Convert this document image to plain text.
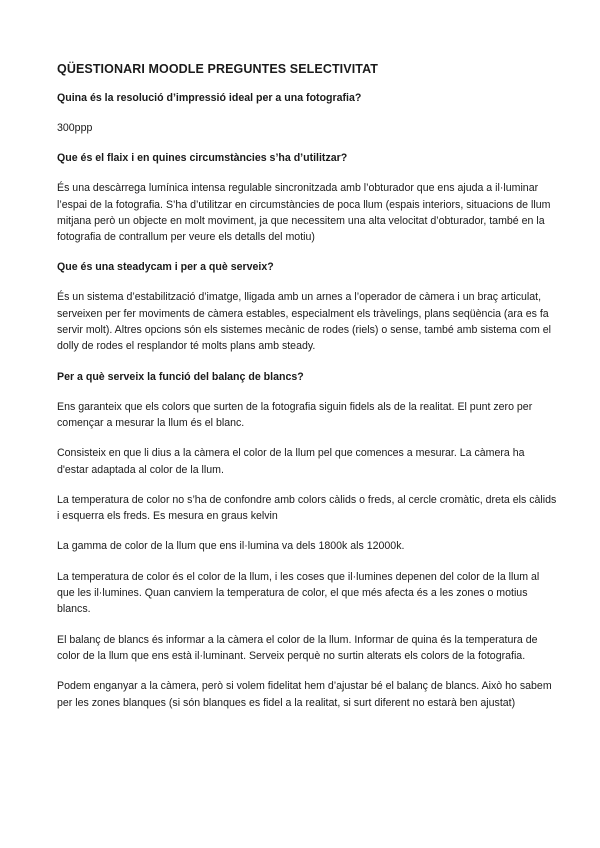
QÜESTIONARI MOODLE PREGUNTES SELECTIVITAT

Quina és la resolució d’impressió ideal per a una fotografia?

300ppp

Que és el flaix i en quines circumstàncies s’ha d’utilitzar?

És una descàrrega lumínica intensa regulable sincronitzada amb l’obturador que ens ajuda a il·luminar l’espai de la fotografia. S’ha d’utilitzar en circumstàncies de poca llum (espais interiors, situacions de llum mitjana però un objecte en molt moviment, ja que necessitem una alta velocitat d’obturador, també en la fotografia de contrallum per veure els detalls del motiu)

Que és una steadycam i per a què serveix?

És un sistema d’estabilització d’imatge, lligada amb un arnes a l’operador de càmera i un braç articulat, serveixen per fer moviments de càmera estables, especialment els tràvelings, plans seqüència (ara es fa servir molt). Altres opcions són els sistemes mecànic de rodes (riels) o sense, també amb sistema com el dolly de rodes el resplandor té molts plans amb steady.

Per a què serveix la funció del balanç de blancs?

Ens garanteix que els colors que surten de la fotografia siguin fidels als de la realitat. El punt zero per començar a mesurar la llum és el blanc.

Consisteix en que li dius a la càmera el color de la llum pel que comences a mesurar. La càmera ha d'estar adaptada al color de la llum.

La temperatura de color no s’ha de confondre amb colors càlids o freds, al cercle cromàtic, dreta els càlids i esquerra els freds. Es mesura en graus kelvin

La gamma de color de la llum que ens il·lumina va dels 1800k als 12000k.

La temperatura de color és el color de la llum, i les coses que il·lumines depenen del color de la llum al que les il·lumines. Quan canviem la temperatura de color, el que més afecta és a les zones o motius blancs.

El balanç de blancs és informar a la càmera el color de la llum. Informar de quina és la temperatura de color de la llum que ens està il·luminant. Serveix perquè no surtin alterats els colors de la fotografia.

Podem enganyar a la càmera, però si volem fidelitat hem d’ajustar bé el balanç de blancs. Això ho sabem per les zones blanques (si són blanques es fidel a la realitat, si surt diferent no estarà ben ajustat)
